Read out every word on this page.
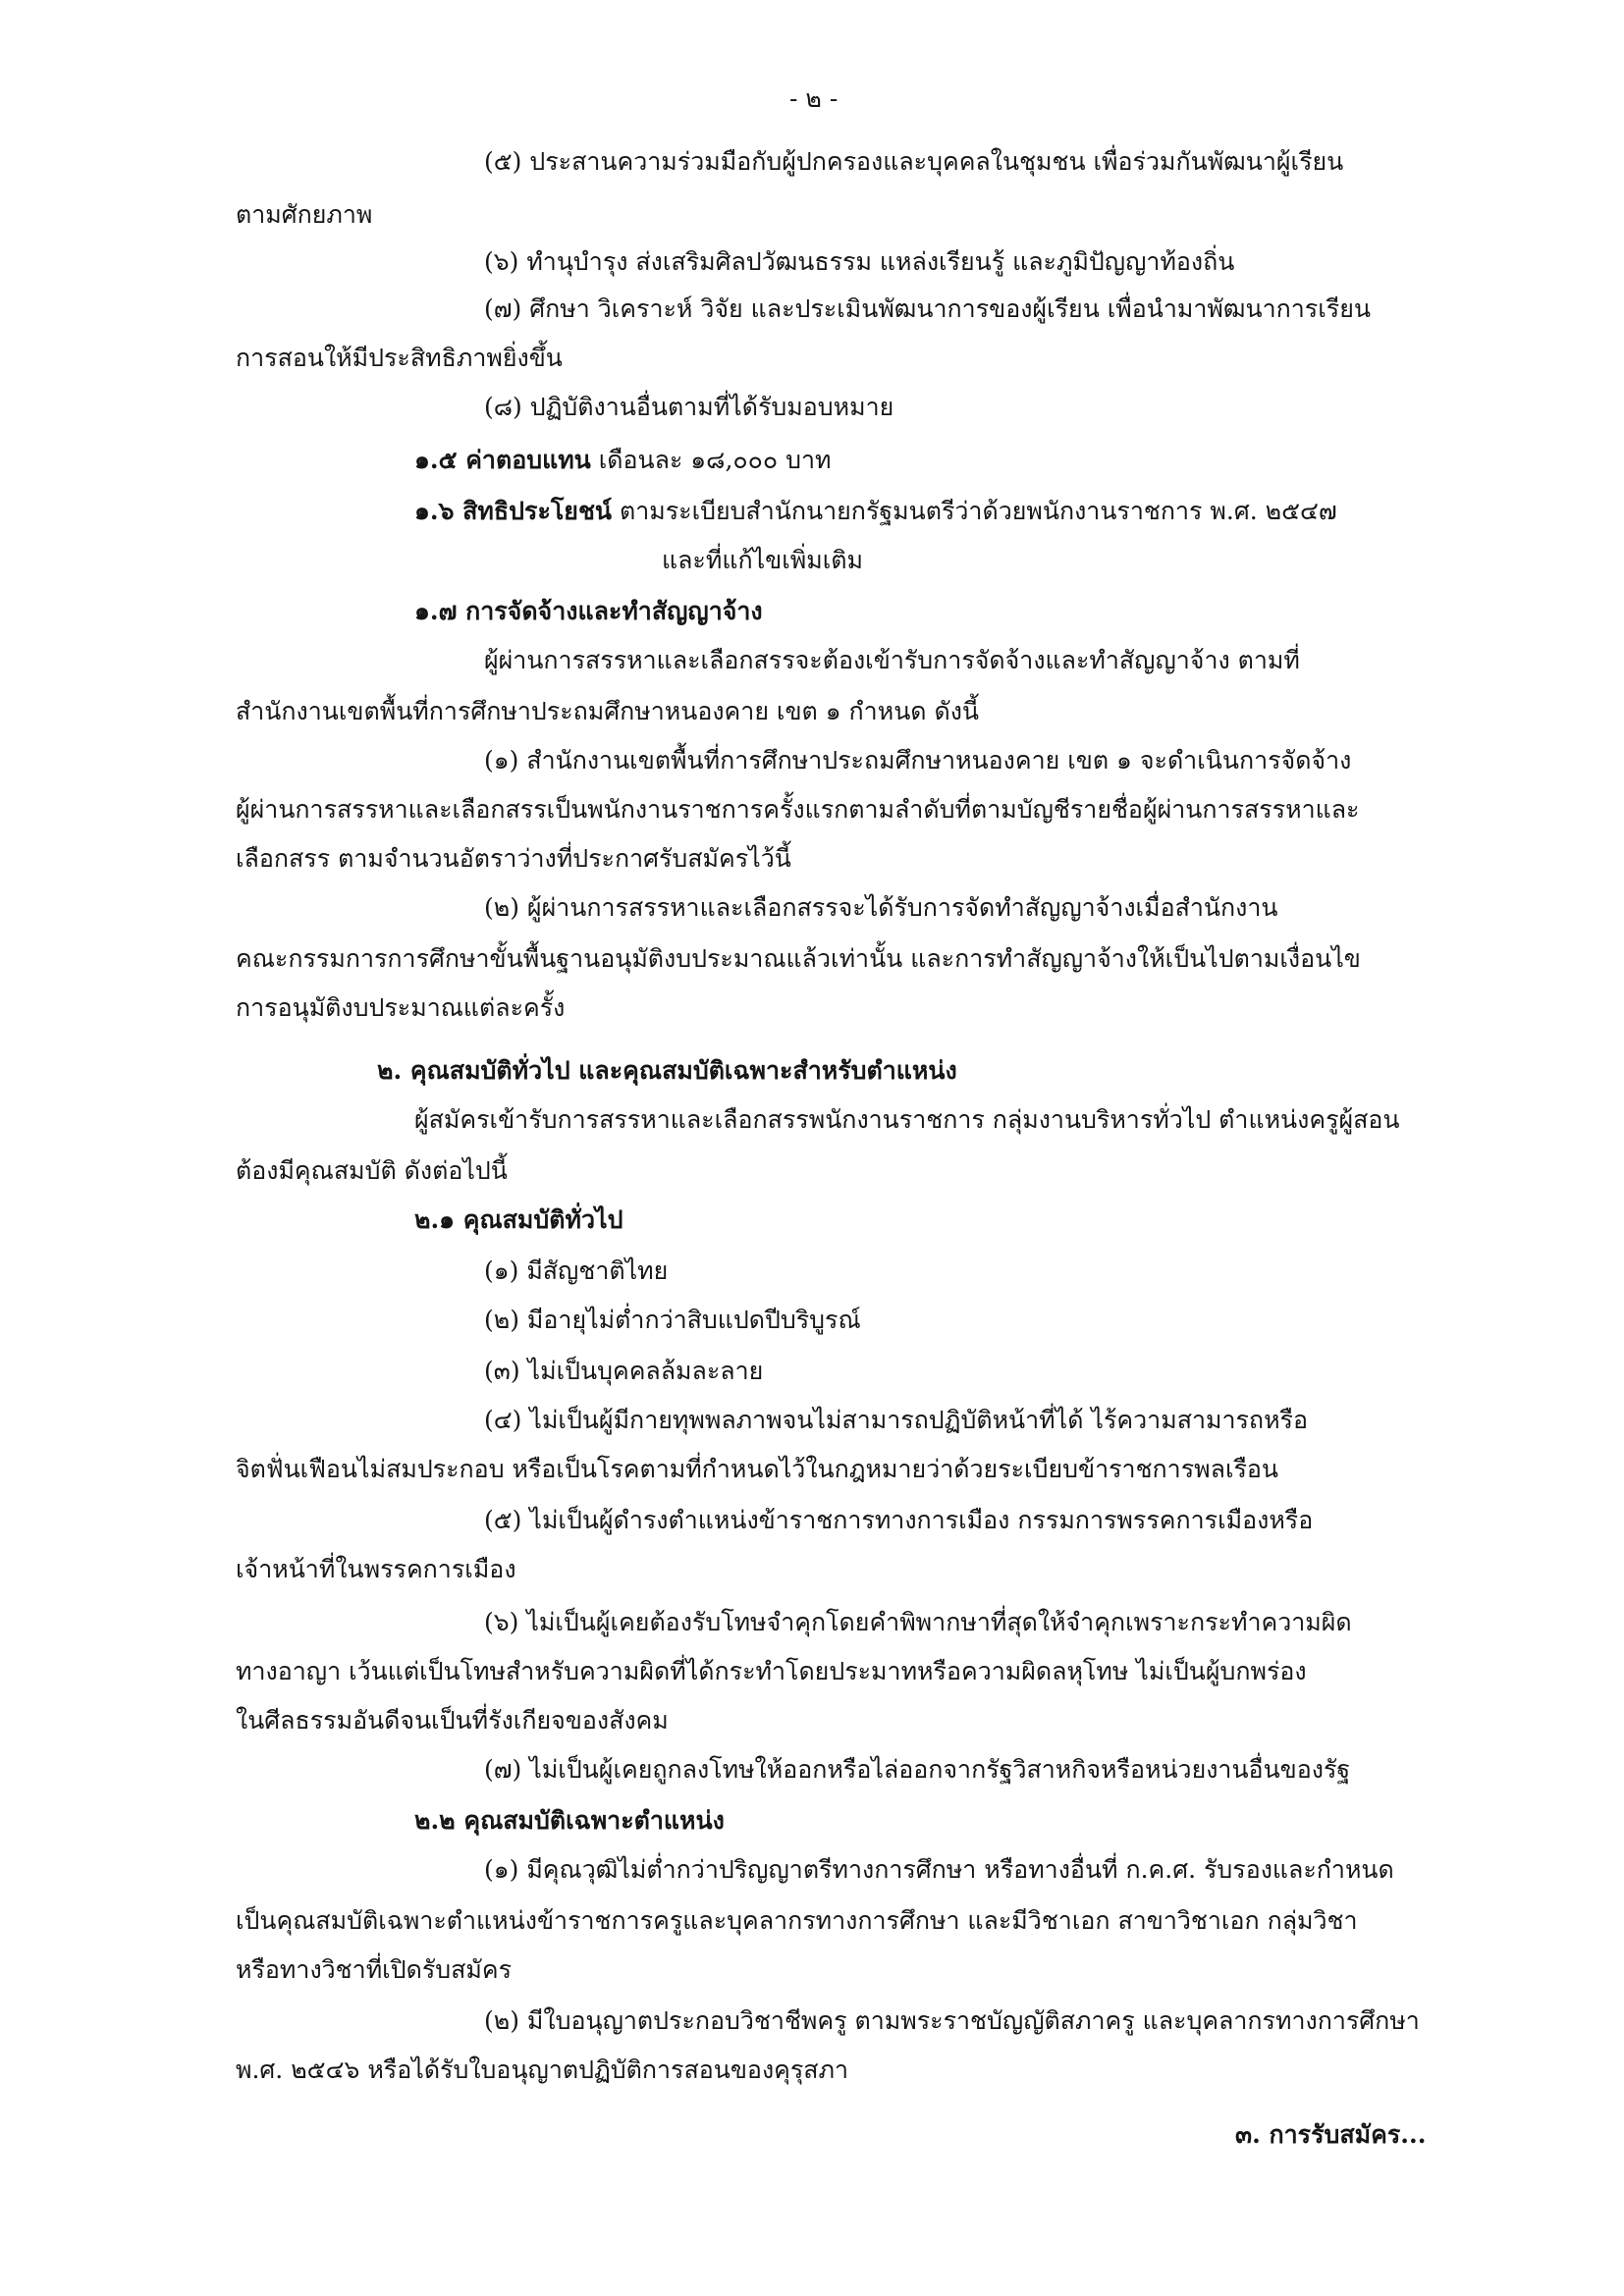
- ๒ -
(๕) ประสานความร่วมมือกับผู้ปกครองและบุคคลในชุมชน เพื่อร่วมกันพัฒนาผู้เรียน
ตามศักยภาพ
(๖) ทำนุบำรุง ส่งเสริมศิลปวัฒนธรรม แหล่งเรียนรู้ และภูมิปัญญาท้องถิ่น
(๗) ศึกษา วิเคราะห์ วิจัย และประเมินพัฒนาการของผู้เรียน เพื่อนำมาพัฒนาการเรียน
การสอนให้มีประสิทธิภาพยิ่งขึ้น
(๘) ปฏิบัติงานอื่นตามที่ได้รับมอบหมาย
๑.๕ ค่าตอบแทน เดือนละ ๑๘,๐๐๐ บาท
๑.๖ สิทธิประโยชน์ ตามระเบียบสำนักนายกรัฐมนตรีว่าด้วยพนักงานราชการ พ.ศ. ๒๕๔๗
และที่แก้ไขเพิ่มเติม
๑.๗ การจัดจ้างและทำสัญญาจ้าง
ผู้ผ่านการสรรหาและเลือกสรรจะต้องเข้ารับการจัดจ้างและทำสัญญาจ้าง ตามที่
สำนักงานเขตพื้นที่การศึกษาประถมศึกษาหนองคาย เขต ๑ กำหนด ดังนี้
(๑) สำนักงานเขตพื้นที่การศึกษาประถมศึกษาหนองคาย เขต ๑ จะดำเนินการจัดจ้าง
ผู้ผ่านการสรรหาและเลือกสรรเป็นพนักงานราชการครั้งแรกตามลำดับที่ตามบัญชีรายชื่อผู้ผ่านการสรรหาและ
เลือกสรร ตามจำนวนอัตราว่างที่ประกาศรับสมัครไว้นี้
(๒) ผู้ผ่านการสรรหาและเลือกสรรจะได้รับการจัดทำสัญญาจ้างเมื่อสำนักงาน
คณะกรรมการการศึกษาขั้นพื้นฐานอนุมัติงบประมาณแล้วเท่านั้น และการทำสัญญาจ้างให้เป็นไปตามเงื่อนไข
การอนุมัติงบประมาณแต่ละครั้ง
๒. คุณสมบัติทั่วไป และคุณสมบัติเฉพาะสำหรับตำแหน่ง
ผู้สมัครเข้ารับการสรรหาและเลือกสรรพนักงานราชการ กลุ่มงานบริหารทั่วไป ตำแหน่งครูผู้สอน
ต้องมีคุณสมบัติ ดังต่อไปนี้
๒.๑ คุณสมบัติทั่วไป
(๑) มีสัญชาติไทย
(๒) มีอายุไม่ต่ำกว่าสิบแปดปีบริบูรณ์
(๓) ไม่เป็นบุคคลล้มละลาย
(๔) ไม่เป็นผู้มีกายทุพพลภาพจนไม่สามารถปฏิบัติหน้าที่ได้ ไร้ความสามารถหรือ
จิตฟั่นเฟือนไม่สมประกอบ หรือเป็นโรคตามที่กำหนดไว้ในกฎหมายว่าด้วยระเบียบข้าราชการพลเรือน
(๕) ไม่เป็นผู้ดำรงตำแหน่งข้าราชการทางการเมือง กรรมการพรรคการเมืองหรือ
เจ้าหน้าที่ในพรรคการเมือง
(๖) ไม่เป็นผู้เคยต้องรับโทษจำคุกโดยคำพิพากษาที่สุดให้จำคุกเพราะกระทำความผิด
ทางอาญา เว้นแต่เป็นโทษสำหรับความผิดที่ได้กระทำโดยประมาทหรือความผิดลหุโทษ ไม่เป็นผู้บกพร่อง
ในศีลธรรมอันดีจนเป็นที่รังเกียจของสังคม
(๗) ไม่เป็นผู้เคยถูกลงโทษให้ออกหรือไล่ออกจากรัฐวิสาหกิจหรือหน่วยงานอื่นของรัฐ
๒.๒ คุณสมบัติเฉพาะตำแหน่ง
(๑) มีคุณวุฒิไม่ต่ำกว่าปริญญาตรีทางการศึกษา หรือทางอื่นที่ ก.ค.ศ. รับรองและกำหนด
เป็นคุณสมบัติเฉพาะตำแหน่งข้าราชการครูและบุคลากรทางการศึกษา และมีวิชาเอก สาขาวิชาเอก กลุ่มวิชา
หรือทางวิชาที่เปิดรับสมัคร
(๒) มีใบอนุญาตประกอบวิชาชีพครู ตามพระราชบัญญัติสภาครู และบุคลากรทางการศึกษา
พ.ศ. ๒๕๔๖ หรือได้รับใบอนุญาตปฏิบัติการสอนของคุรุสภา
๓. การรับสมัคร...
